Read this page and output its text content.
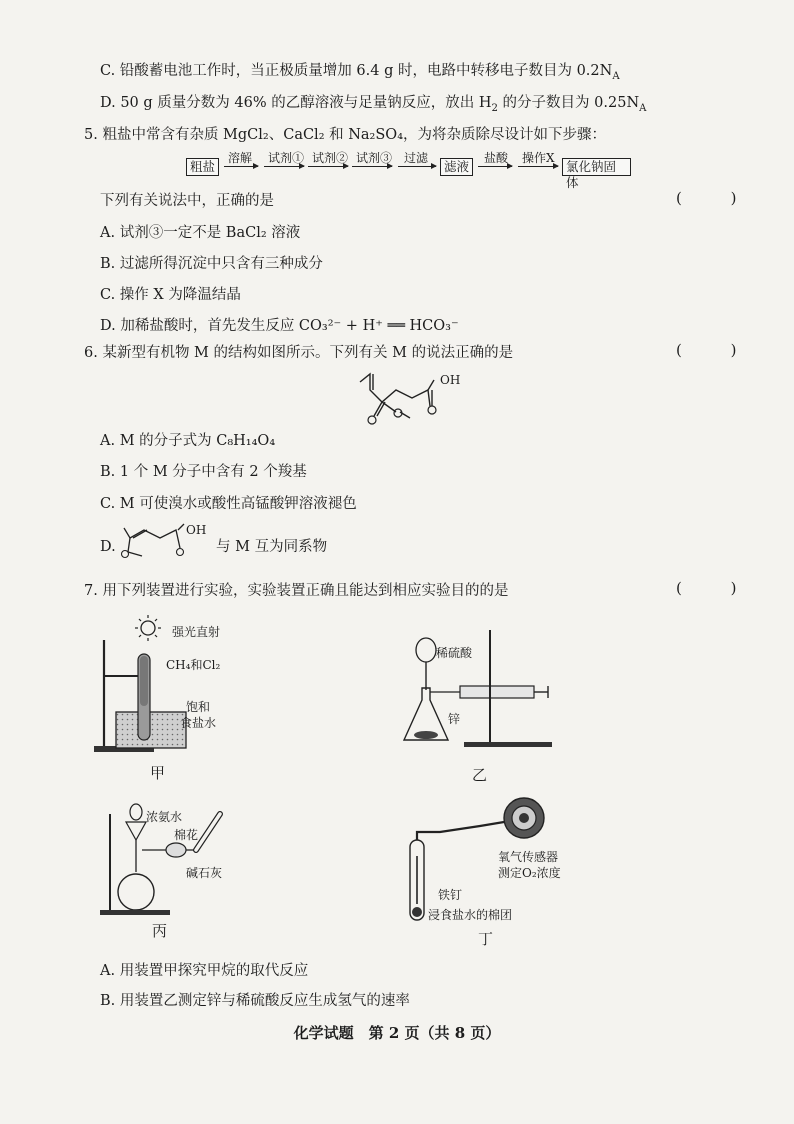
C. 铅酸蓄电池工作时，当正极质量增加 6.4 g 时，电路中转移电子数目为 $0.2N_A$
D. 50 g 质量分数为 46% 的乙醇溶液与足量钠反应，放出 $H_2$ 的分子数目为 $0.25N_A$
5. 粗盐中常含有杂质 MgCl₂、CaCl₂ 和 Na₂SO₄，为将杂质除尽设计如下步骤：
粗盐
溶解 试剂① 试剂② 试剂③ 过滤
滤液
盐酸 操作X
氯化钠固体
下列有关说法中，正确的是	( )
A. 试剂③一定不是 BaCl₂ 溶液
B. 过滤所得沉淀中只含有三种成分
C. 操作 X 为降温结晶
D. 加稀盐酸时，首先发生反应 CO₃²⁻ + H⁺ ══ HCO₃⁻
6. 某新型有机物 M 的结构如图所示。下列有关 M 的说法正确的是	( )
OH
A. M 的分子式为 C₈H₁₄O₄
B. 1 个 M 分子中含有 2 个羧基
C. M 可使溴水或酸性高锰酸钾溶液褪色
D.
OH
与 M 互为同系物
7. 用下列装置进行实验，实验装置正确且能达到相应实验目的的是	( )
强光直射
CH₄和Cl₂
饱和
食盐水
甲
稀硫酸
锌
乙
浓氨水
棉花
碱石灰
丙
氧气传感器
测定O₂浓度
铁钉
浸食盐水的棉团
丁
A. 用装置甲探究甲烷的取代反应
B. 用装置乙测定锌与稀硫酸反应生成氢气的速率
化学试题　第 2 页（共 8 页）
